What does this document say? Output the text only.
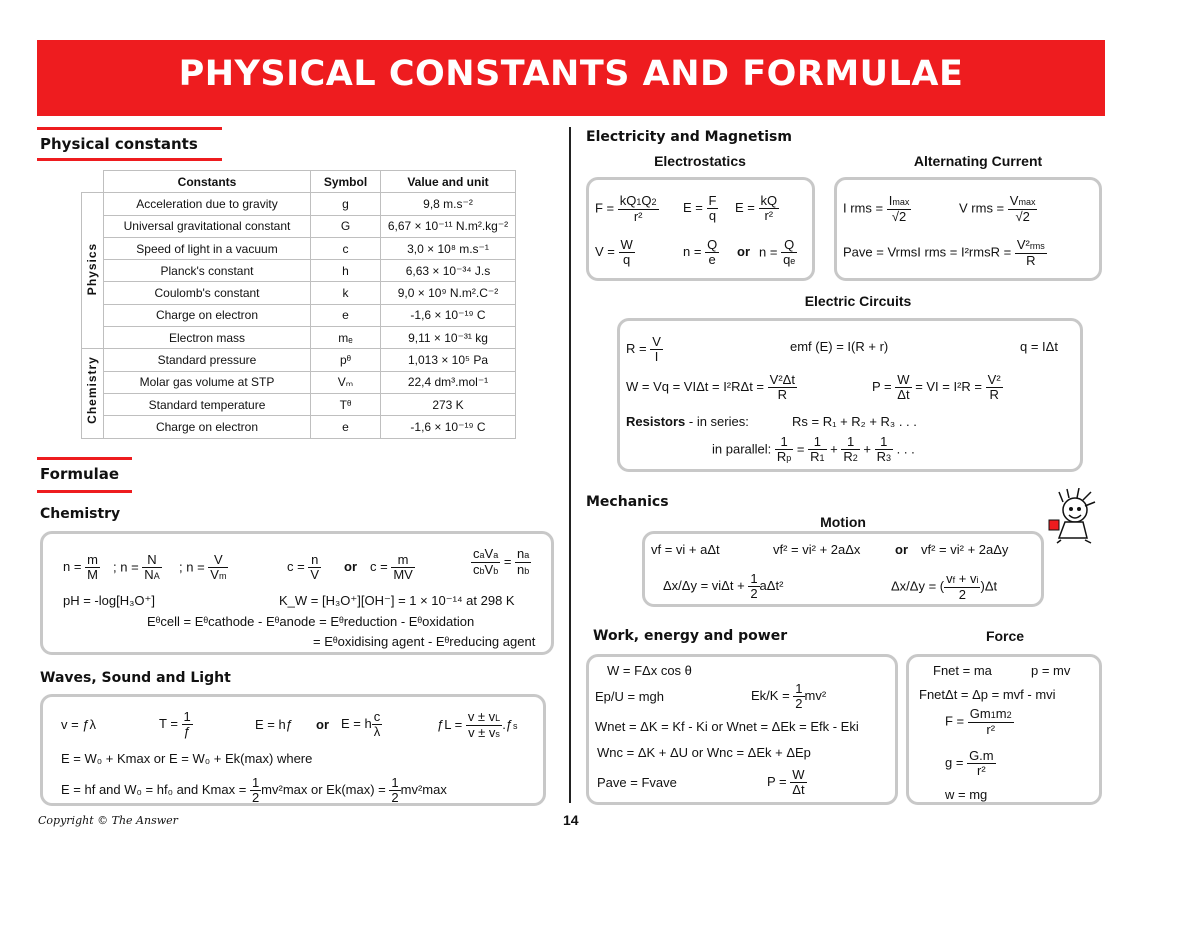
PHYSICAL CONSTANTS AND FORMULAE
Physical constants
	Constants	Symbol	Value and unit
	Acceleration due to gravity	g	9,8 m.s⁻²
	Universal gravitational constant	G	6,67 × 10⁻¹¹ N.m².kg⁻²
	Speed of light in a vacuum	c	3,0 × 10⁸ m.s⁻¹
	Planck's constant	h	6,63 × 10⁻³⁴ J.s
	Coulomb's constant	k	9,0 × 10⁹ N.m².C⁻²
	Charge on electron	e	-1,6 × 10⁻¹⁹ C
	Electron mass	mₑ	9,11 × 10⁻³¹ kg
	Standard pressure	pᶿ	1,013 × 10⁵ Pa
	Molar gas volume at STP	Vₘ	22,4 dm³.mol⁻¹
	Standard temperature	Tᶿ	273 K
	Charge on electron	e	-1,6 × 10⁻¹⁹ C
Physics
Chemistry
Formulae
Chemistry
$n = \frac{m}{M}$ ; $n = \frac{N}{NA}$ ; $n = \frac{V}{Vm}$	$c = \frac{n}{V}$ or $c = \frac{m}{MV}$	$\frac{\text{caVa}}{\text{cbVb}} = \frac{na}{nb}$
pH = -log[H₃O⁺]	K_W = [H₃O⁺][OH⁻] = 1 × 10⁻¹⁴ at 298 K
Eᶿcell = Eᶿcathode - Eᶿanode = Eᶿreduction - Eᶿoxidation
= Eᶿoxidising agent - Eᶿreducing agent
Waves, Sound and Light
v = ƒλ	$T = \frac{1}{ƒ}$	E = hƒ or E = h $\frac{c}{\lambda}$	ƒL = $\frac{v \pm vL}{v \pm vs}$ .ƒs
E = W₀ + Kmax or E = W₀ + Ek(max) where
E = hf and W₀ = hf₀ and $Kmax = \frac{1}{2} mv^2\max$ or $Ek(\max) = \frac{1}{2} mv^2\max$
Copyright © The Answer	14
Electricity and Magnetism
Electrostatics	Alternating Current
$F = \frac{kQ1Q2}{\text{r²}}$ $E = \frac{F}{q}$ $E = \frac{kQ}{\text{r²}}$
$V = \frac{W}{q}$	$n = \frac{Q}{e}$ or $n = \frac{Q}{qe}$
I rms = $\frac{Imax}{√2}$	V rms = $\frac{Vmax}{√2}$
Pave = VrmsI rms = I²rmsR = $\frac{\text{V²rms}}{R}$
Electric Circuits
$R = \frac{V}{I}$	emf (E) = I(R + r)	q = IΔt
$W = Vq = VI\Delta t = I^2R\Delta t = \frac{\text{V²Δt}}{R}$	$P = \frac{W}{\Delta t}$ = VI = $I^2R = \frac{\text{V²}}{R}$
Resistors - in series:	Rs = R₁ + R₂ + R₃ . . .
in parallel: $\frac{1}{Rp} = \frac{1}{R1} + \frac{1}{R2} + \frac{1}{R3}$ . . .
Mechanics
Motion
vf = vi + aΔt	vf² = vi² + 2aΔx	or vf² = vi² + 2aΔy
$\Delta x/\Delta y = vi\Delta t + \frac{1}{2} a\Delta t^2$	Δx/Δy = ( $\frac{vf + vi}{2} )\Delta t$
Work, energy and power	Force
W = FΔx cos θ
Ep/U = mgh	$Ek/K = \frac{1}{2} mv^2$
Wnet = ΔK = Kf - Ki or Wnet = ΔEk = Efk - Eki
Wnc = ΔK + ΔU or Wnc = ΔEk + ΔEp
Pave = Fvave	$P = \frac{W}{\Delta t}$
Fnet = ma	p = mv
FnetΔt = Δp = mvf - mvi
$F = \frac{Gm1m2}{\text{r²}}$
$g = \frac{G.m}{\text{r²}}$
w = mg
